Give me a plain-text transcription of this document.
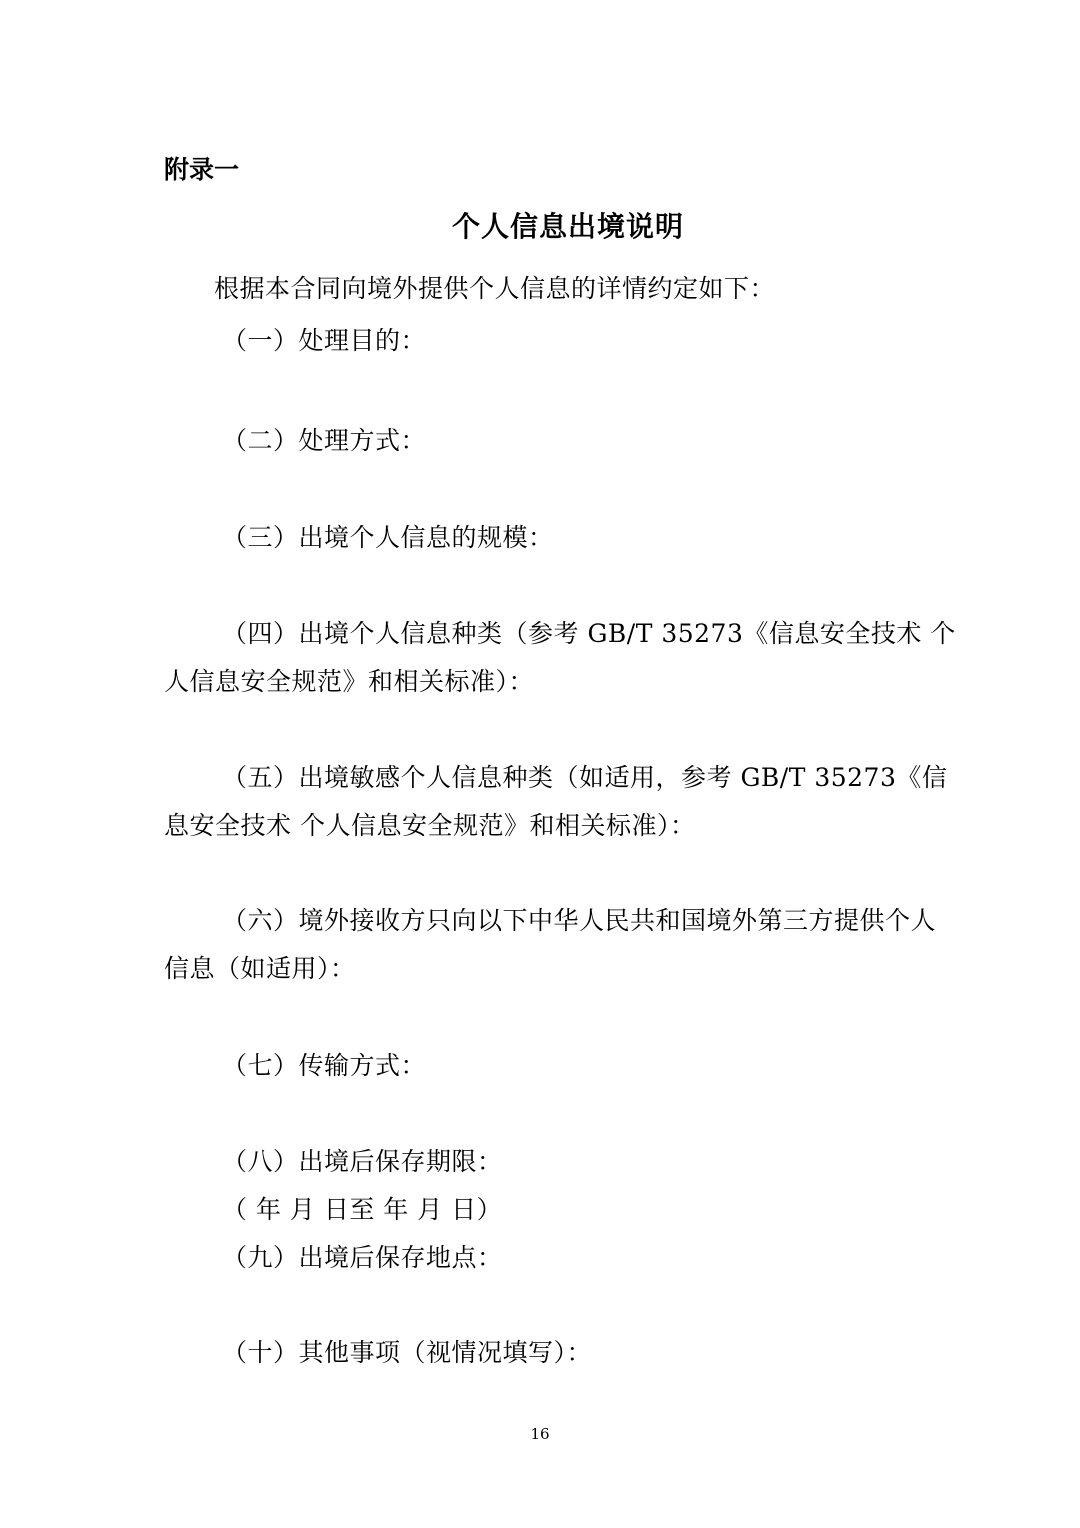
附录一
个人信息出境说明
根据本合同向境外提供个人信息的详情约定如下：
（一）处理目的：
（二）处理方式：
（三）出境个人信息的规模：
（四）出境个人信息种类（参考 GB/T 35273《信息安全技术 个
人信息安全规范》和相关标准）：
（五）出境敏感个人信息种类（如适用，参考 GB/T 35273《信
息安全技术 个人信息安全规范》和相关标准）：
（六）境外接收方只向以下中华人民共和国境外第三方提供个人
信息（如适用）：
（七）传输方式：
（八）出境后保存期限：
（ 年 月 日至 年 月 日）
（九）出境后保存地点：
（十）其他事项（视情况填写）：
16
